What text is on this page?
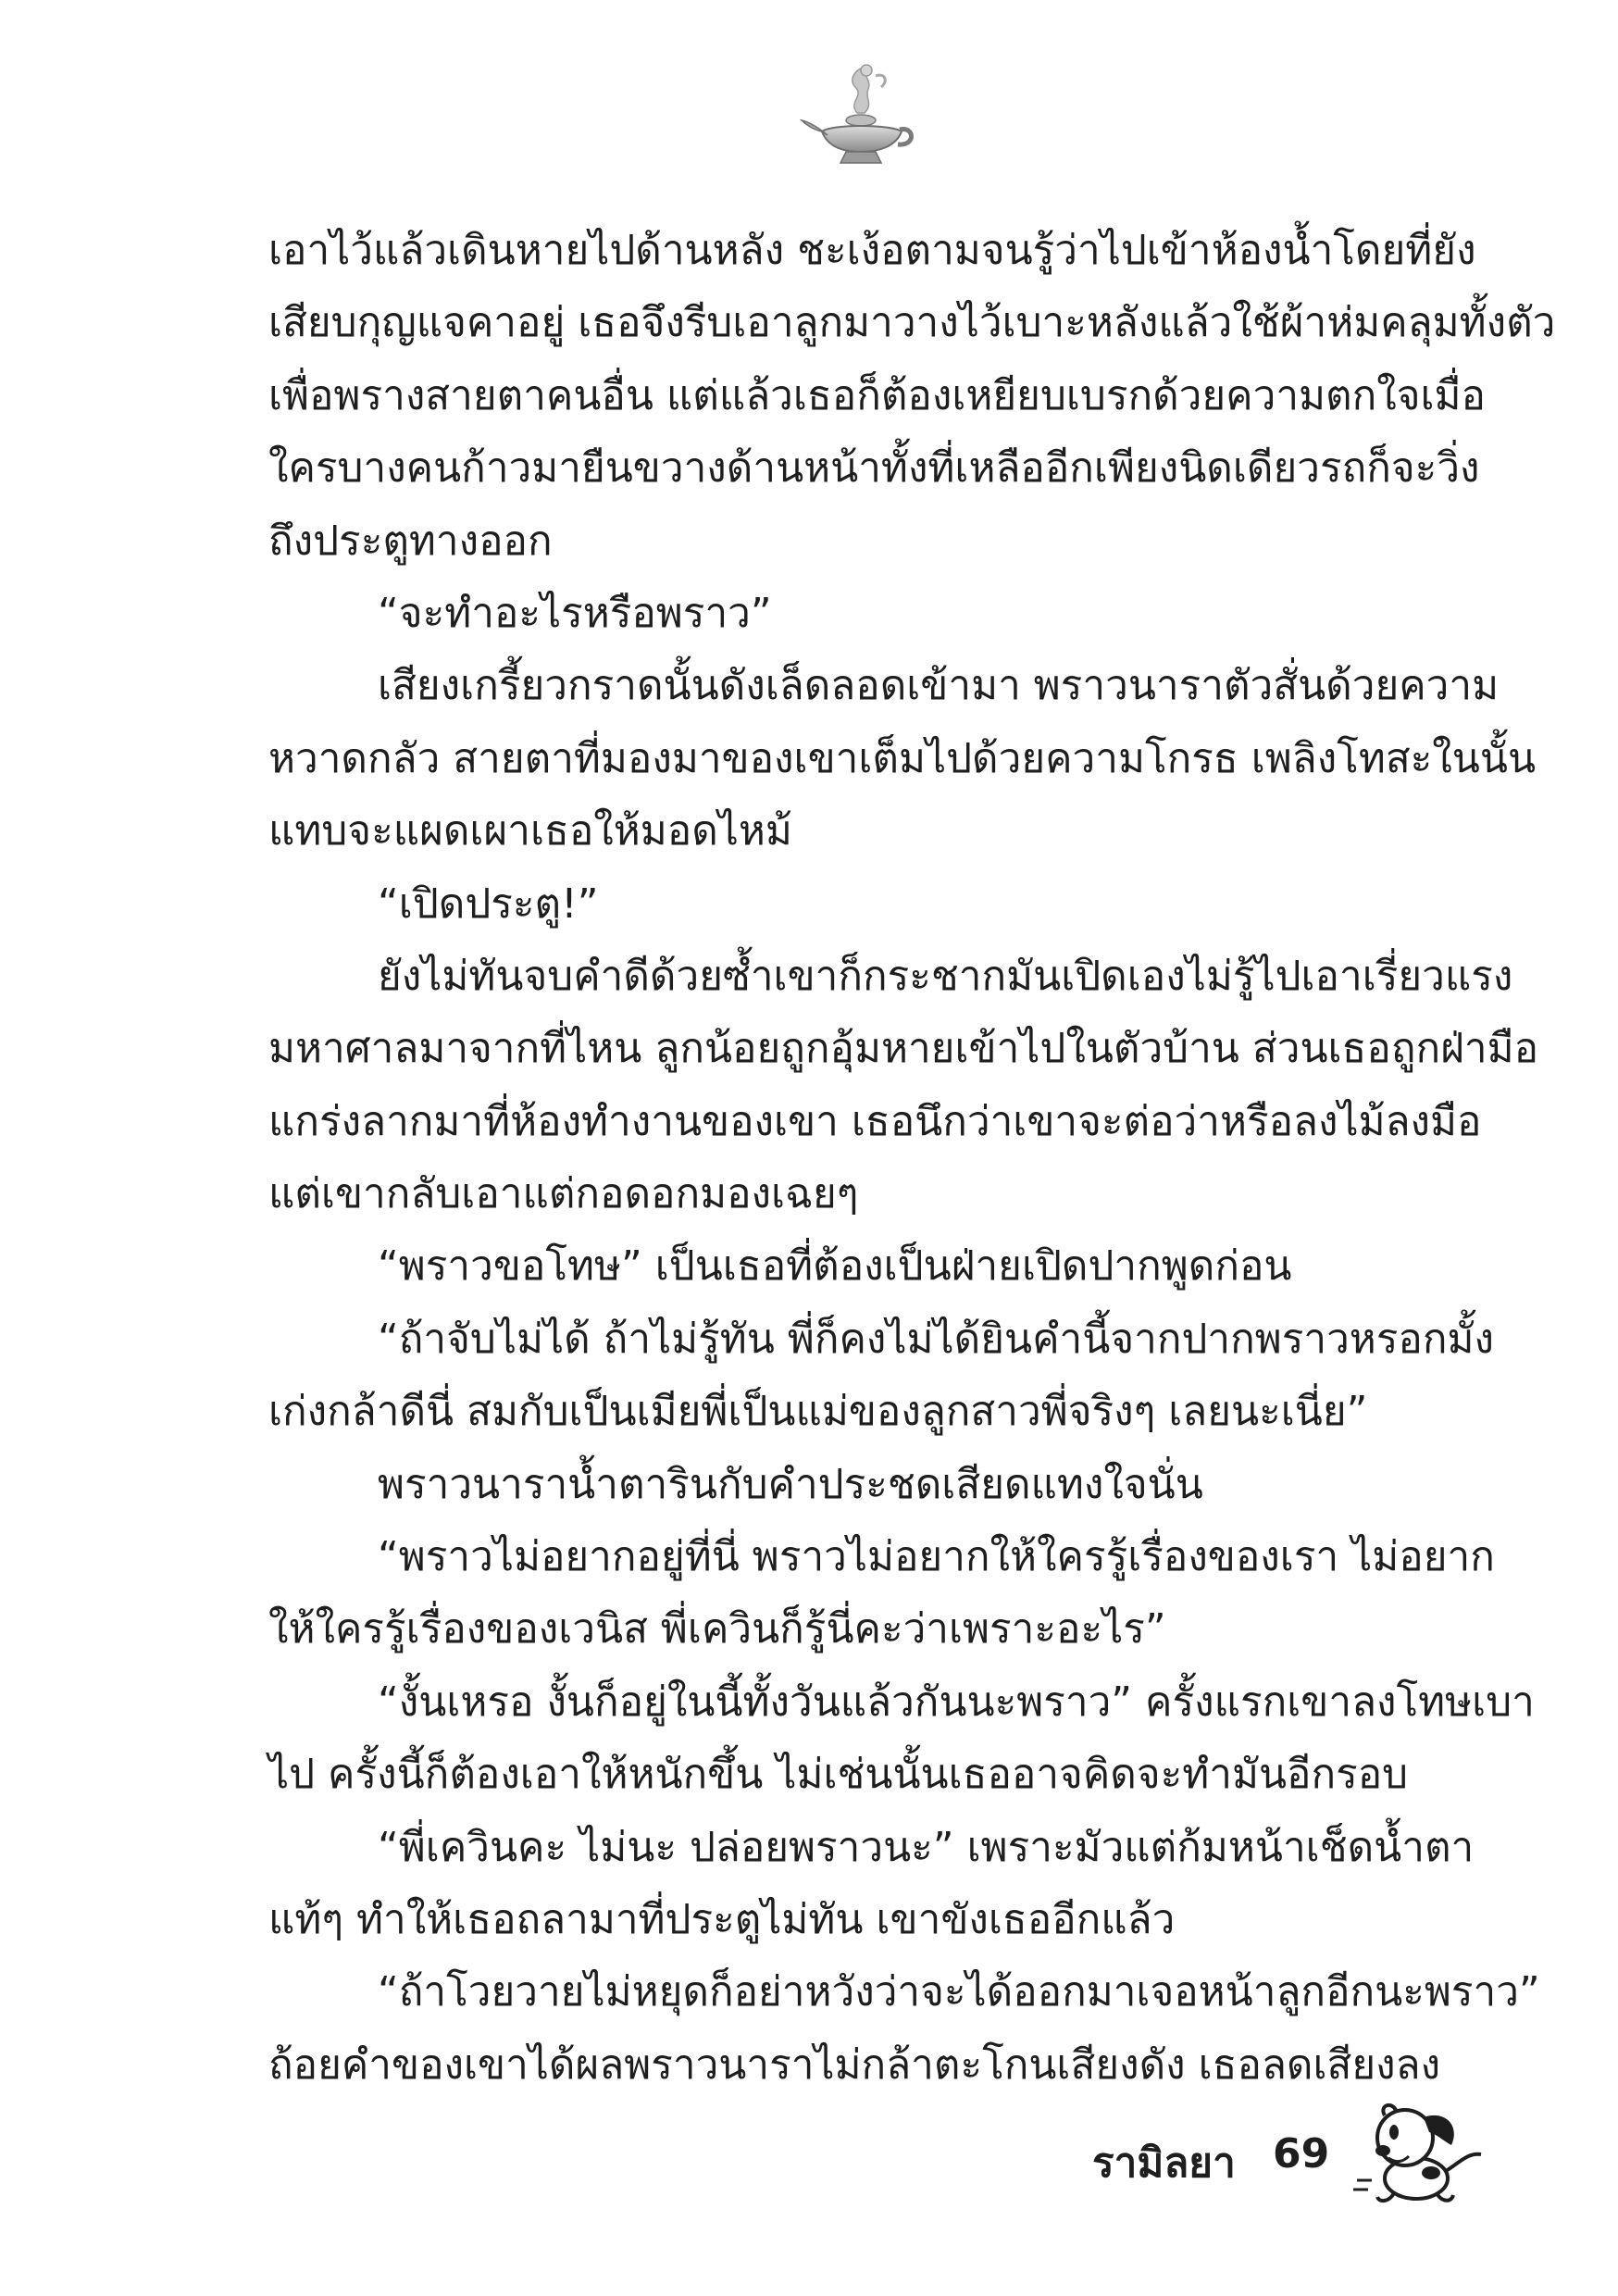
เอาไว้แล้วเดินหายไปด้านหลัง ชะเง้อตามจนรู้ว่าไปเข้าห้องน้ำโดยที่ยัง
เสียบกุญแจคาอยู่ เธอจึงรีบเอาลูกมาวางไว้เบาะหลังแล้วใช้ผ้าห่มคลุมทั้งตัว
เพื่อพรางสายตาคนอื่น แต่แล้วเธอก็ต้องเหยียบเบรกด้วยความตกใจเมื่อ
ใครบางคนก้าวมายืนขวางด้านหน้าทั้งที่เหลืออีกเพียงนิดเดียวรถก็จะวิ่ง
ถึงประตูทางออก
“จะทำอะไรหรือพราว”
เสียงเกรี้ยวกราดนั้นดังเล็ดลอดเข้ามา พราวนาราตัวสั่นด้วยความ
หวาดกลัว สายตาที่มองมาของเขาเต็มไปด้วยความโกรธ เพลิงโทสะในนั้น
แทบจะแผดเผาเธอให้มอดไหม้
“เปิดประตู!”
ยังไม่ทันจบคำดีด้วยซ้ำเขาก็กระชากมันเปิดเองไม่รู้ไปเอาเรี่ยวแรง
มหาศาลมาจากที่ไหน ลูกน้อยถูกอุ้มหายเข้าไปในตัวบ้าน ส่วนเธอถูกฝ่ามือ
แกร่งลากมาที่ห้องทำงานของเขา เธอนึกว่าเขาจะต่อว่าหรือลงไม้ลงมือ
แต่เขากลับเอาแต่กอดอกมองเฉยๆ
“พราวขอโทษ” เป็นเธอที่ต้องเป็นฝ่ายเปิดปากพูดก่อน
“ถ้าจับไม่ได้ ถ้าไม่รู้ทัน พี่ก็คงไม่ได้ยินคำนี้จากปากพราวหรอกมั้ง
เก่งกล้าดีนี่ สมกับเป็นเมียพี่เป็นแม่ของลูกสาวพี่จริงๆ เลยนะเนี่ย”
พราวนาราน้ำตารินกับคำประชดเสียดแทงใจนั่น
“พราวไม่อยากอยู่ที่นี่ พราวไม่อยากให้ใครรู้เรื่องของเรา ไม่อยาก
ให้ใครรู้เรื่องของเวนิส พี่เควินก็รู้นี่คะว่าเพราะอะไร”
“งั้นเหรอ งั้นก็อยู่ในนี้ทั้งวันแล้วกันนะพราว” ครั้งแรกเขาลงโทษเบา
ไป ครั้งนี้ก็ต้องเอาให้หนักขึ้น ไม่เช่นนั้นเธออาจคิดจะทำมันอีกรอบ
“พี่เควินคะ ไม่นะ ปล่อยพราวนะ” เพราะมัวแต่ก้มหน้าเช็ดน้ำตา
แท้ๆ ทำให้เธอถลามาที่ประตูไม่ทัน เขาขังเธออีกแล้ว
“ถ้าโวยวายไม่หยุดก็อย่าหวังว่าจะได้ออกมาเจอหน้าลูกอีกนะพราว”
ถ้อยคำของเขาได้ผลพราวนาราไม่กล้าตะโกนเสียงดัง เธอลดเสียงลง
รามิลยา 69
